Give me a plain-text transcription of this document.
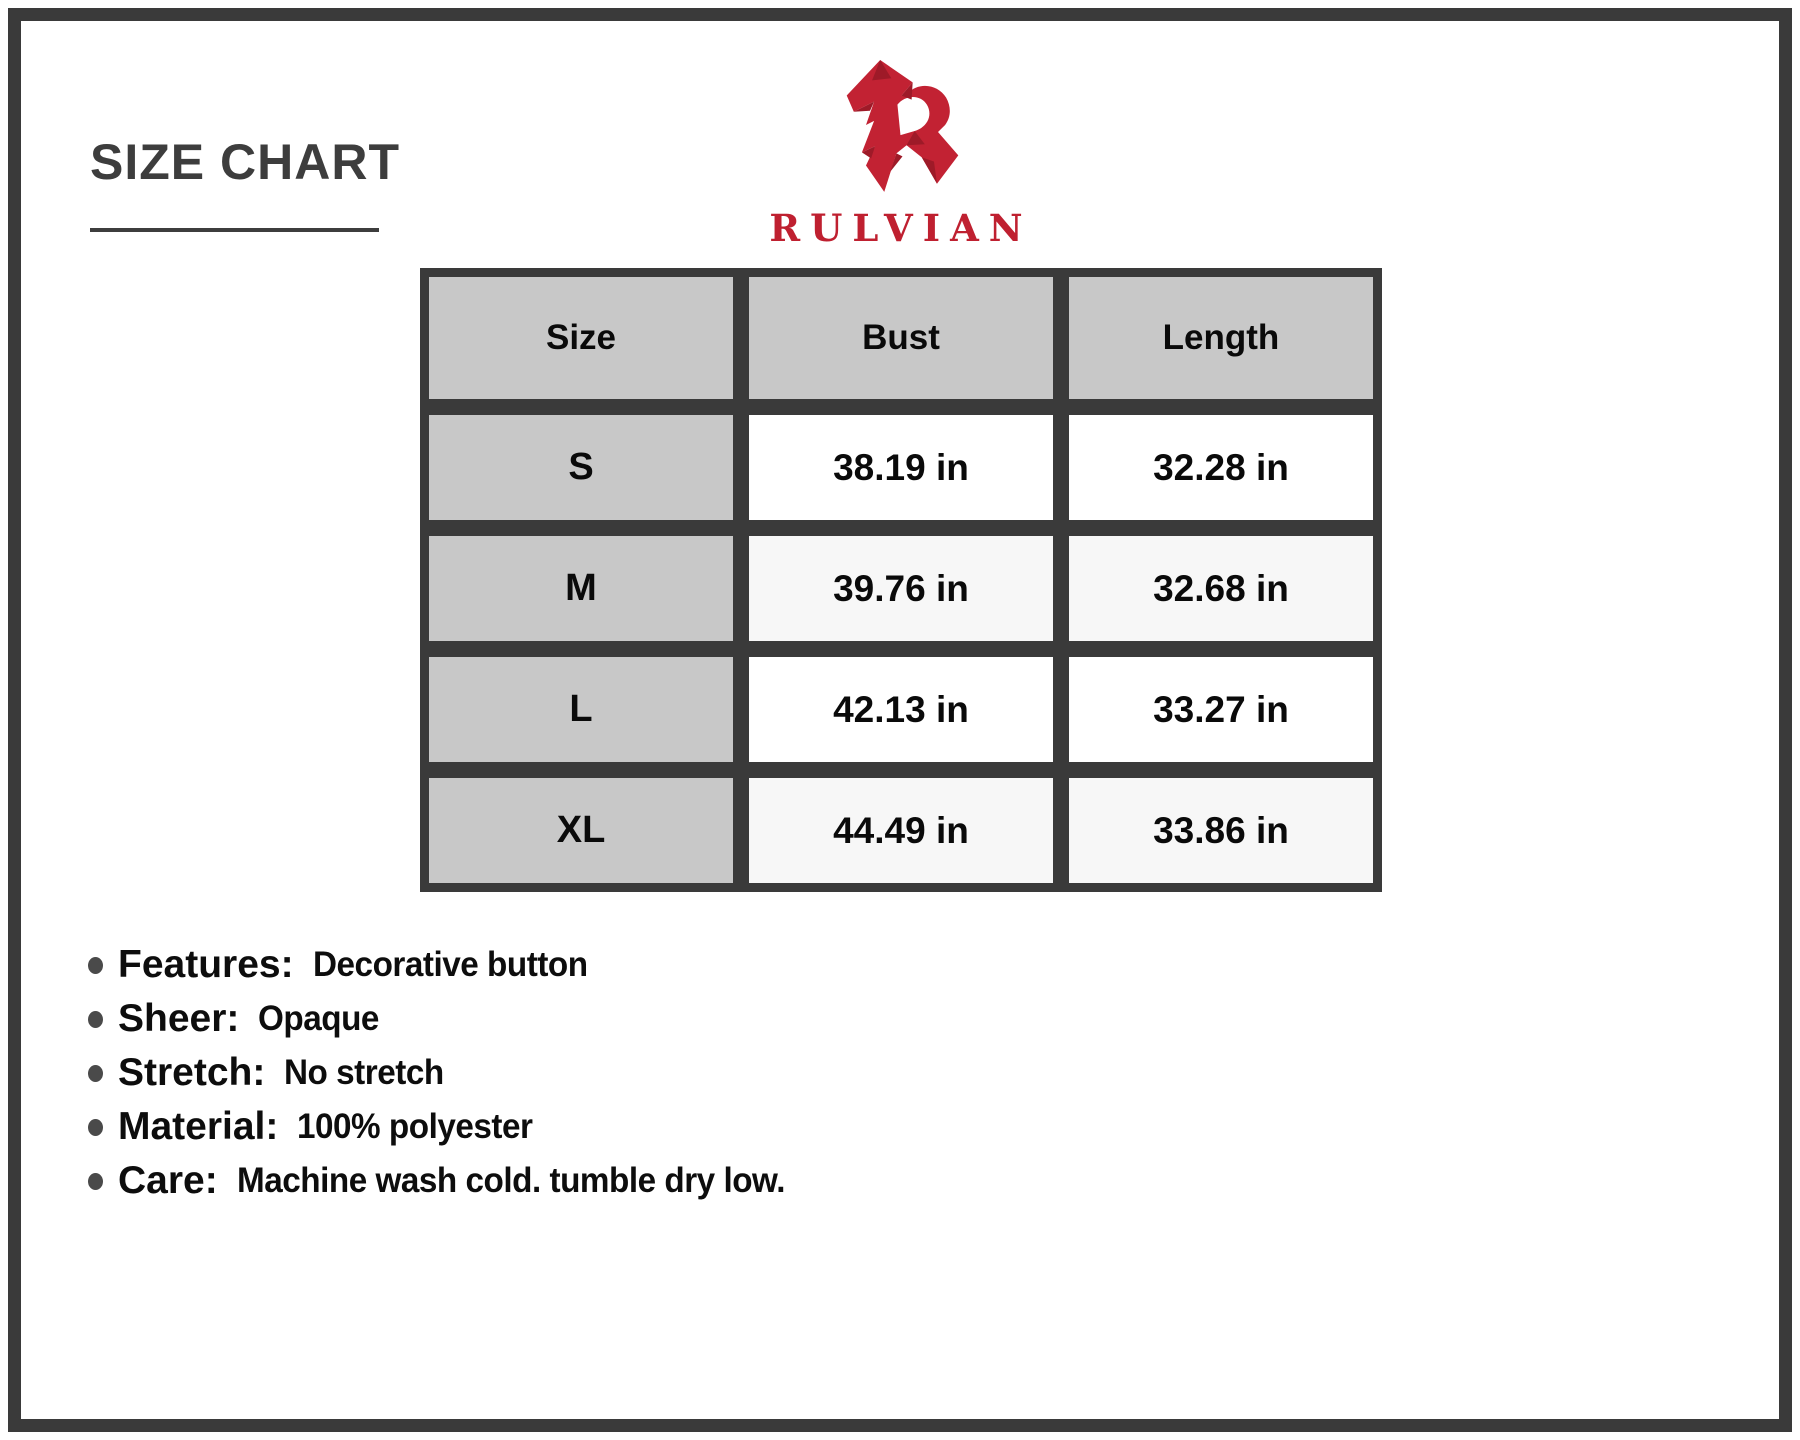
SIZE CHART
RULVIAN
Size	Bust	Length
S	38.19 in	32.28 in
M	39.76 in	32.68 in
L	42.13 in	33.27 in
XL	44.49 in	33.86 in
Features: Decorative button
Sheer: Opaque
Stretch: No stretch
Material: 100% polyester
Care: Machine wash cold. tumble dry low.
